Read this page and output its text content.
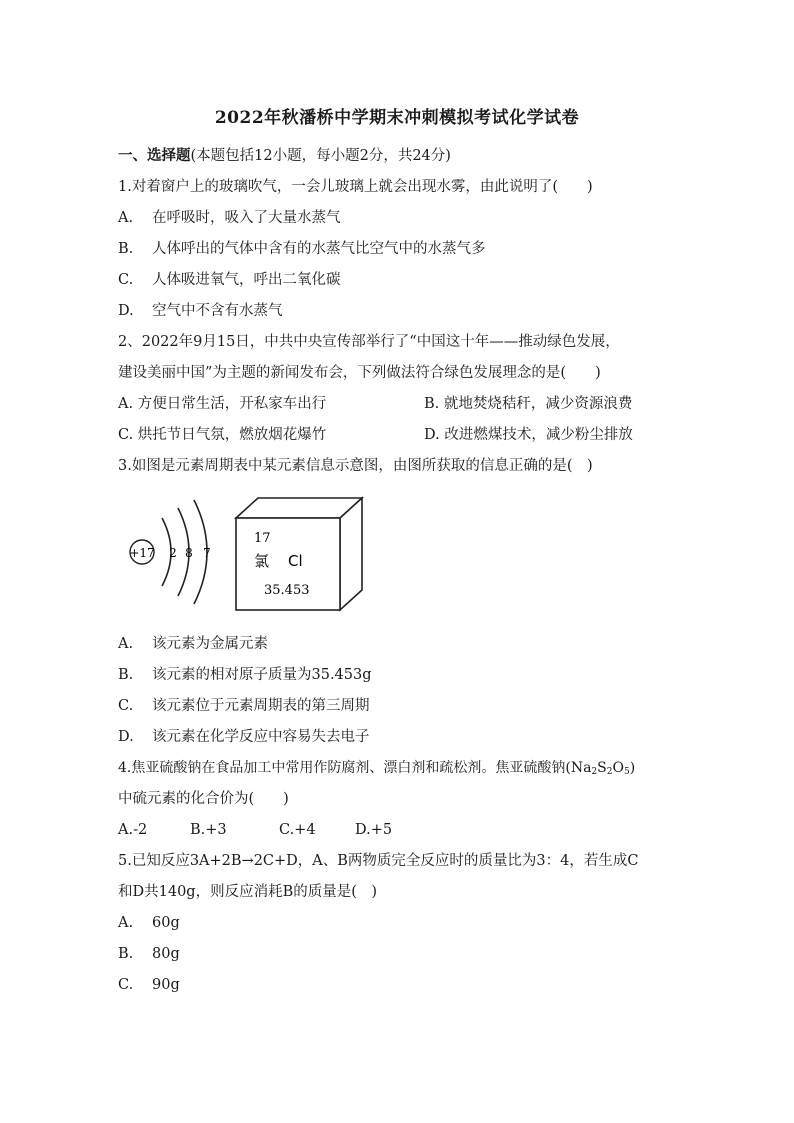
2022年秋潘桥中学期末冲刺模拟考试化学试卷
一、选择题(本题包括12小题，每小题2分，共24分)
1.对着窗户上的玻璃吹气，一会儿玻璃上就会出现水雾，由此说明了(　　)
A. 在呼吸时，吸入了大量水蒸气
B. 人体呼出的气体中含有的水蒸气比空气中的水蒸气多
C. 人体吸进氧气，呼出二氧化碳
D. 空气中不含有水蒸气
2、2022年9月15日，中共中央宣传部举行了“中国这十年——推动绿色发展，
建设美丽中国”为主题的新闻发布会，下列做法符合绿色发展理念的是(　　)
A. 方便日常生活，开私家车出行	B. 就地焚烧秸秆，减少资源浪费
C. 烘托节日气氛，燃放烟花爆竹	D. 改进燃煤技术，减少粉尘排放
3.如图是元素周期表中某元素信息示意图，由图所获取的信息正确的是(　)
+17 2 8 7
17
氯 Cl
35.453
A. 该元素为金属元素
B. 该元素的相对原子质量为35.453g
C. 该元素位于元素周期表的第三周期
D. 该元素在化学反应中容易失去电子
4.焦亚硫酸钠在食品加工中常用作防腐剂、漂白剂和疏松剂。焦亚硫酸钠$(Na_2S_2O_5)$
中硫元素的化合价为(　　)
A.-2	B.+3	C.+4	D.+5
5.已知反应3A+2B→2C+D，A、B两物质完全反应时的质量比为3：4，若生成C
和D共140g，则反应消耗B的质量是(　)
A. 60g
B. 80g
C. 90g
